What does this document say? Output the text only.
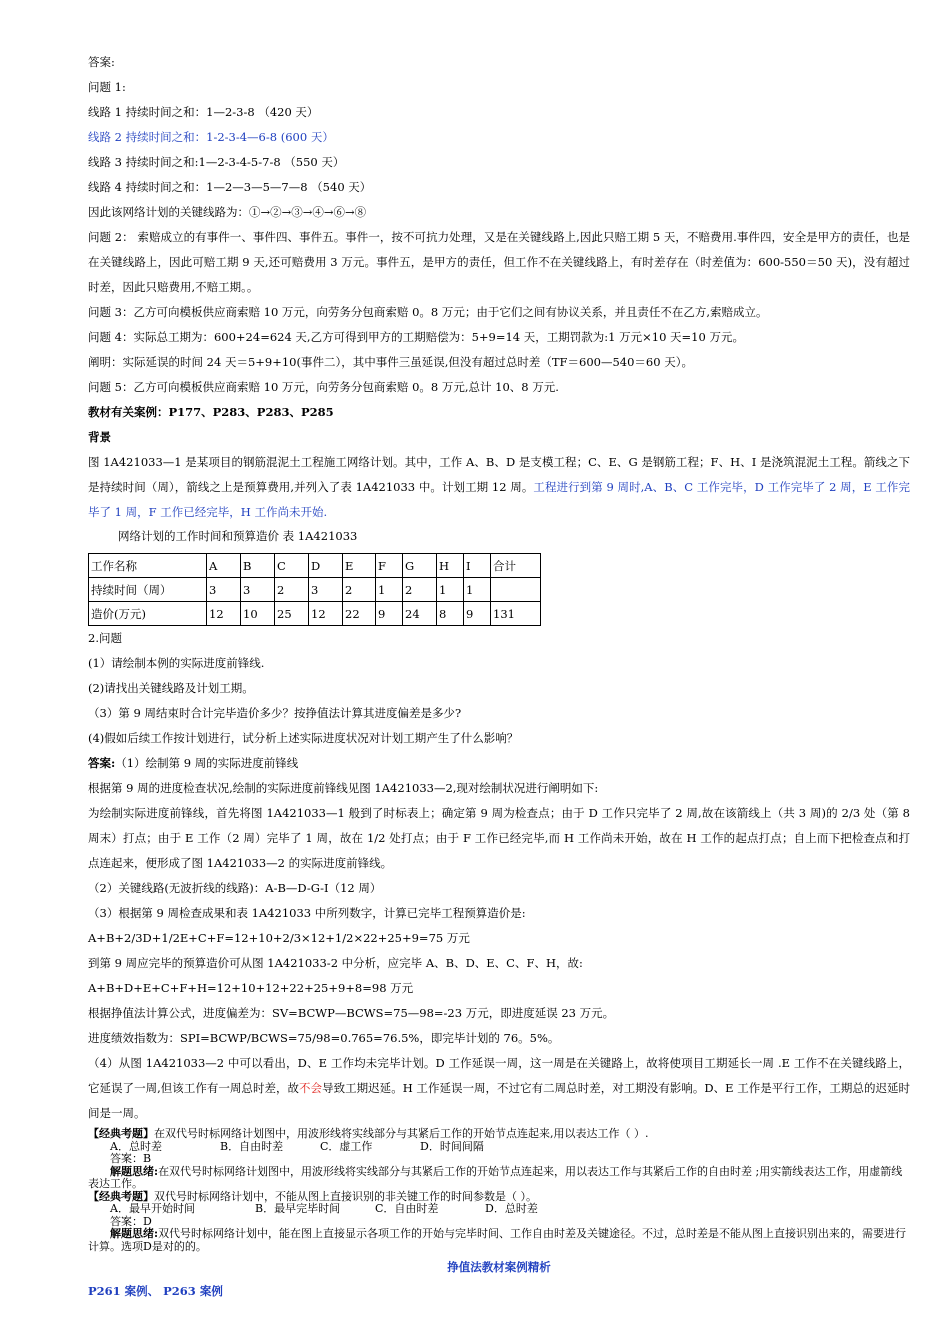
答案:

问题 1:

线路 1 持续时间之和：1—2-3-8 （420 天）

线路 2 持续时间之和：1-2-3-4—6-8 (600 天）

线路 3 持续时间之和:1—2-3-4-5-7-8 （550 天）

线路 4 持续时间之和：1—2—3—5—7—8 （540 天）

因此该网络计划的关键线路为：①→②→③→④→⑥→⑧

问题 2： 索赔成立的有事件一、事件四、事件五。事件一，按不可抗力处理，又是在关键线路上,因此只赔工期 5 天，不赔费用.事件四，安全是甲方的责任，也是在关键线路上，因此可赔工期 9 天,还可赔费用 3 万元。事件五，是甲方的责任，但工作不在关键线路上，有时差存在（时差值为：600-550＝50 天)，没有超过时差，因此只赔费用,不赔工期。。

问题 3：乙方可向模板供应商索赔 10 万元，向劳务分包商索赔 0。8 万元；由于它们之间有协议关系，并且责任不在乙方,索赔成立。

问题 4：实际总工期为：600+24=624 天,乙方可得到甲方的工期赔偿为：5+9=14 天，工期罚款为:1 万元×10 天=10 万元。

阐明：实际延误的时间 24 天＝5+9+10(事件二），其中事件三虽延误,但没有超过总时差（TF＝600—540＝60 天）。

问题 5：乙方可向模板供应商索赔 10 万元，向劳务分包商索赔 0。8 万元,总计 10、8 万元.

教材有关案例：P177、P283、P283、P285

背景

图 1A421033—1 是某项目的钢筋混泥土工程施工网络计划。其中，工作 A、B、D 是支模工程；C、E、G 是钢筋工程；F、H、I 是浇筑混泥土工程。箭线之下是持续时间（周），箭线之上是预算费用,并列入了表 1A421033 中。计划工期 12 周。工程进行到第 9 周时,A、B、C 工作完毕，D 工作完毕了 2 周，E 工作完毕了 1 周，F 工作已经完毕，H 工作尚未开始.

网络计划的工作时间和预算造价 表 1A421033
工作名称	A	B	C	D	E	F	G	H	I	合计
持续时间（周）	3	3	2	3	2	1	2	1	1	
造价(万元)	12	10	25	12	22	9	24	8	9	131

2.问题

(1）请绘制本例的实际进度前锋线.

(2)请找出关键线路及计划工期。

（3）第 9 周结束时合计完毕造价多少？按挣值法计算其进度偏差是多少?

(4)假如后续工作按计划进行，试分析上述实际进度状况对计划工期产生了什么影响？

答案:（1）绘制第 9 周的实际进度前锋线

根据第 9 周的进度检查状况,绘制的实际进度前锋线见图 1A421033—2,现对绘制状况进行阐明如下:

为绘制实际进度前锋线，首先将图 1A421033—1 般到了时标表上；确定第 9 周为检查点；由于 D 工作只完毕了 2 周,故在该箭线上（共 3 周)的 2/3 处（第 8 周末）打点；由于 E 工作（2 周）完毕了 1 周，故在 1/2 处打点；由于 F 工作已经完毕,而 H 工作尚未开始，故在 H 工作的起点打点；自上而下把检查点和打点连起来，便形成了图 1A421033—2 的实际进度前锋线。

（2）关键线路(无波折线的线路)：A-B—D-G-I（12 周）

（3）根据第 9 周检查成果和表 1A421033 中所列数字，计算已完毕工程预算造价是:

A+B+2/3D+1/2E+C+F=12+10+2/3×12+1/2×22+25+9=75 万元

到第 9 周应完毕的预算造价可从图 1A421033-2 中分析，应完毕 A、B、D、E、C、F、H，故:

A+B+D+E+C+F+H=12+10+12+22+25+9+8=98 万元

根据挣值法计算公式，进度偏差为：SV=BCWP—BCWS=75—98=-23 万元，即进度延误 23 万元。

进度绩效指数为：SPI=BCWP/BCWS=75/98=0.765=76.5%，即完毕计划的 76。5%。

（4）从图 1A421033—2 中可以看出，D、E 工作均未完毕计划。D 工作延误一周，这一周是在关键路上，故将使项目工期延长一周 .E 工作不在关键线路上，它延误了一周,但该工作有一周总时差，故不会导致工期迟延。H 工作延误一周，不过它有二周总时差，对工期没有影响。D、E 工作是平行工作，工期总的迟延时间是一周。

【经典考题】在双代号时标网络计划图中，用波形线将实线部分与其紧后工作的开始节点连起来,用以表达工作（ ）.

A．总时差	B．自由时差	C．虚工作	D．时间间隔

答案：B

解题思绪:在双代号时标网络计划图中，用波形线将实线部分与其紧后工作的开始节点连起来，用以表达工作与其紧后工作的自由时差 ;用实箭线表达工作，用虚箭线表达工作。

【经典考题】双代号时标网络计划中，不能从图上直接识别的非关键工作的时间参数是（ ）。

A．最早开始时间	B．最早完毕时间	C．自由时差	D．总时差

答案：D

解题思绪:双代号时标网络计划中，能在图上直接显示各项工作的开始与完毕时间、工作自由时差及关键途径。不过，总时差是不能从图上直接识别出来的，需要进行计算。选项D是对的的。

挣值法教材案例精析

P261 案例、 P263 案例
